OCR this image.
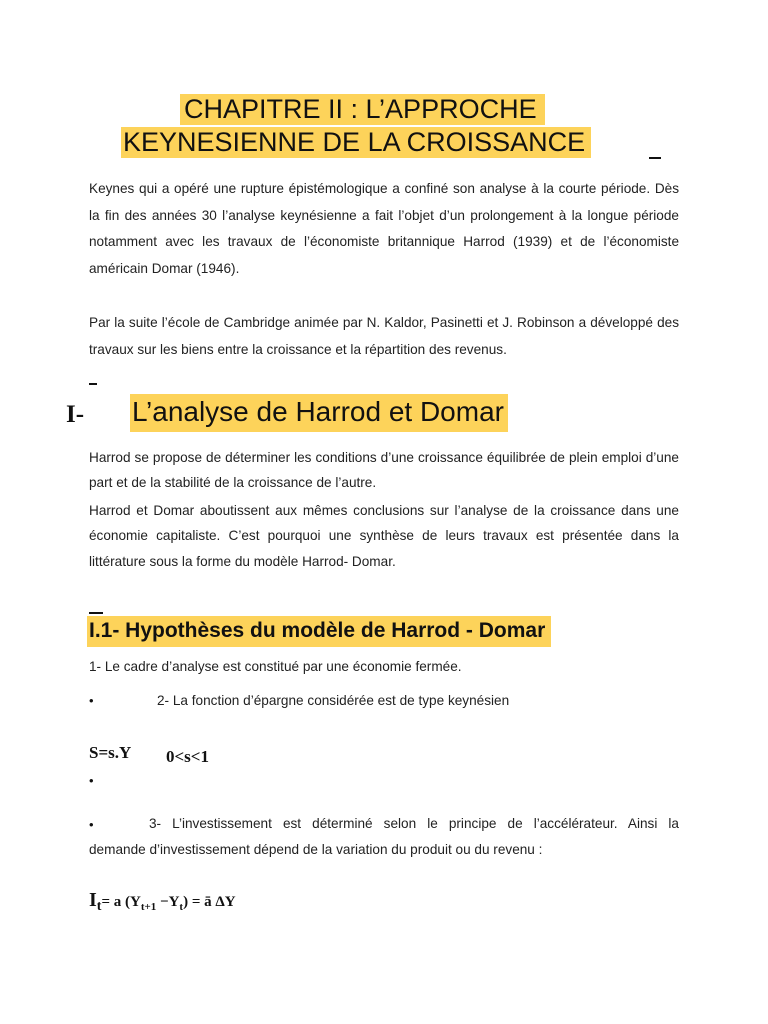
CHAPITRE II : L’APPROCHE
KEYNESIENNE DE LA CROISSANCE

Keynes qui a opéré une rupture épistémologique a confiné son analyse à la courte période. Dès la fin des années 30 l’analyse keynésienne a fait l’objet d’un prolongement à la longue période notamment avec les travaux de l’économiste britannique Harrod (1939) et de l’économiste américain Domar (1946).

Par la suite l’école de Cambridge animée par N. Kaldor, Pasinetti et J. Robinson a développé des travaux sur les biens entre la croissance et la répartition des revenus.

I- L’analyse de Harrod et Domar

Harrod se propose de déterminer les conditions d’une croissance équilibrée de plein emploi d’une part et de la stabilité de la croissance de l’autre.

Harrod et Domar aboutissent aux mêmes conclusions sur l’analyse de la croissance dans une économie capitaliste. C’est pourquoi une synthèse de leurs travaux est présentée dans la littérature sous la forme du modèle Harrod- Domar.

I.1- Hypothèses du modèle de Harrod - Domar
1- Le cadre d’analyse est constitué par une économie fermée.
•	2- La fonction d’épargne considérée est de type keynésien
S=s.Y 0<s<1
•
•	3- L’investissement est déterminé selon le principe de l’accélérateur. Ainsi la
demande d’investissement dépend de la variation du produit ou du revenu :
$I_t= a$ $(Y_{t+1} -Y_t)$ = ā ΔY
